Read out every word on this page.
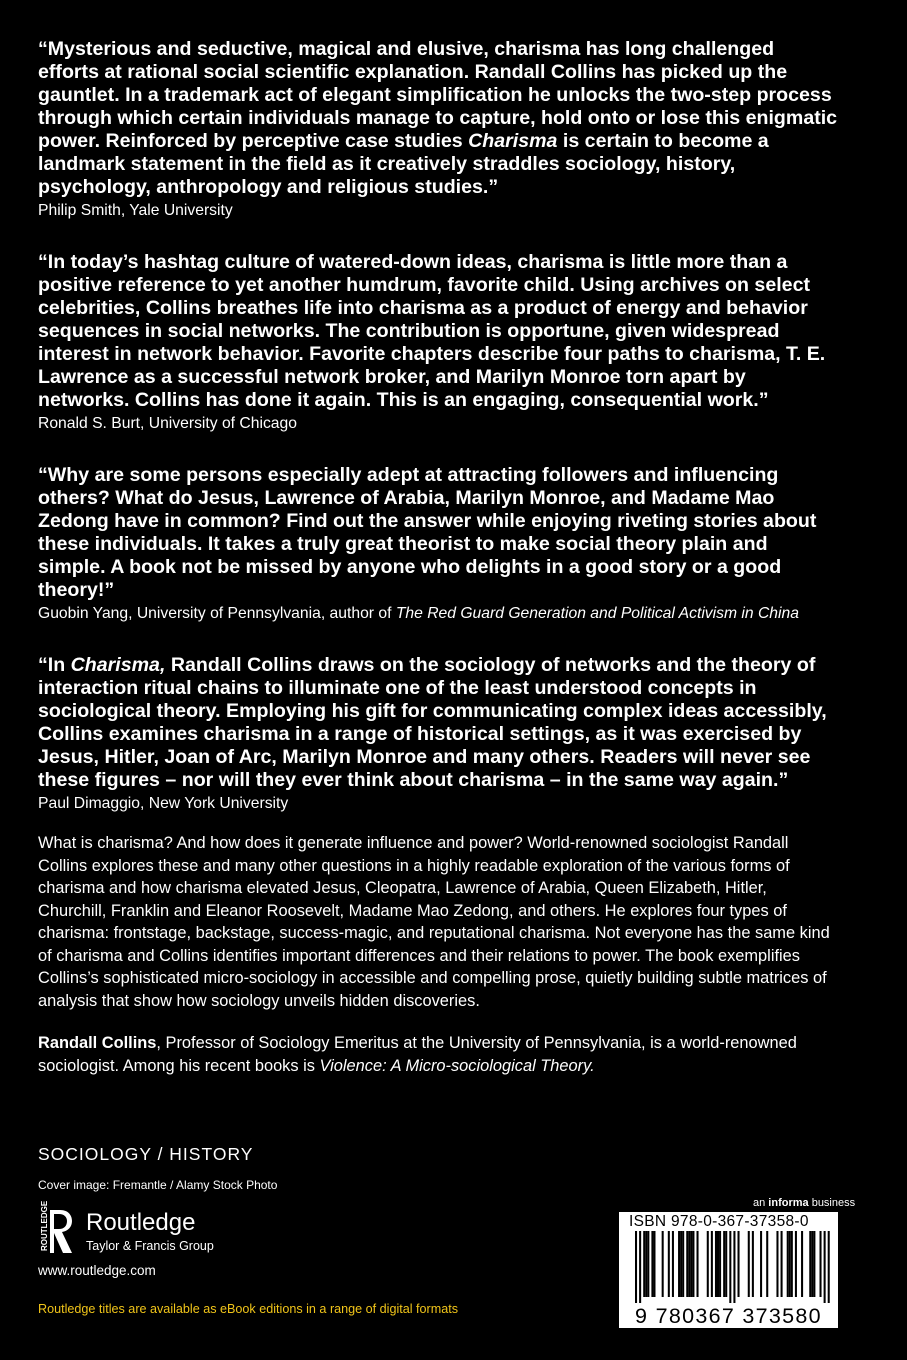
“Mysterious and seductive, magical and elusive, charisma has long challenged efforts at rational social scientific explanation. Randall Collins has picked up the gauntlet. In a trademark act of elegant simplification he unlocks the two-step process through which certain individuals manage to capture, hold onto or lose this enigmatic power. Reinforced by perceptive case studies Charisma is certain to become a landmark statement in the field as it creatively straddles sociology, history, psychology, anthropology and religious studies.”

Philip Smith, Yale University

“In today’s hashtag culture of watered-down ideas, charisma is little more than a positive reference to yet another humdrum, favorite child. Using archives on select celebrities, Collins breathes life into charisma as a product of energy and behavior sequences in social networks. The contribution is opportune, given widespread interest in network behavior. Favorite chapters describe four paths to charisma, T. E. Lawrence as a successful network broker, and Marilyn Monroe torn apart by networks. Collins has done it again. This is an engaging, consequential work.”

Ronald S. Burt, University of Chicago

“Why are some persons especially adept at attracting followers and influencing others? What do Jesus, Lawrence of Arabia, Marilyn Monroe, and Madame Mao Zedong have in common? Find out the answer while enjoying riveting stories about these individuals. It takes a truly great theorist to make social theory plain and simple. A book not be missed by anyone who delights in a good story or a good theory!”

Guobin Yang, University of Pennsylvania, author of The Red Guard Generation and Political Activism in China

“In Charisma, Randall Collins draws on the sociology of networks and the theory of interaction ritual chains to illuminate one of the least understood concepts in sociological theory. Employing his gift for communicating complex ideas accessibly, Collins examines charisma in a range of historical settings, as it was exercised by Jesus, Hitler, Joan of Arc, Marilyn Monroe and many others. Readers will never see these figures – nor will they ever think about charisma – in the same way again.”

Paul Dimaggio, New York University

What is charisma? And how does it generate influence and power? World-renowned sociologist Randall Collins explores these and many other questions in a highly readable exploration of the various forms of charisma and how charisma elevated Jesus, Cleopatra, Lawrence of Arabia, Queen Elizabeth, Hitler, Churchill, Franklin and Eleanor Roosevelt, Madame Mao Zedong, and others. He explores four types of charisma: frontstage, backstage, success-magic, and reputational charisma. Not everyone has the same kind of charisma and Collins identifies important differences and their relations to power. The book exemplifies Collins’s sophisticated micro-sociology in accessible and compelling prose, quietly building subtle matrices of analysis that show how sociology unveils hidden discoveries.

Randall Collins, Professor of Sociology Emeritus at the University of Pennsylvania, is a world-renowned sociologist. Among his recent books is Violence: A Micro-sociological Theory.

SOCIOLOGY / HISTORY
Cover image: Fremantle / Alamy Stock Photo
ROUTLEDGE Routledge
Taylor & Francis Group
www.routledge.com
Routledge titles are available as eBook editions in a range of digital formats
an informa business
ISBN 978-0-367-37358-0
9 780367 373580
